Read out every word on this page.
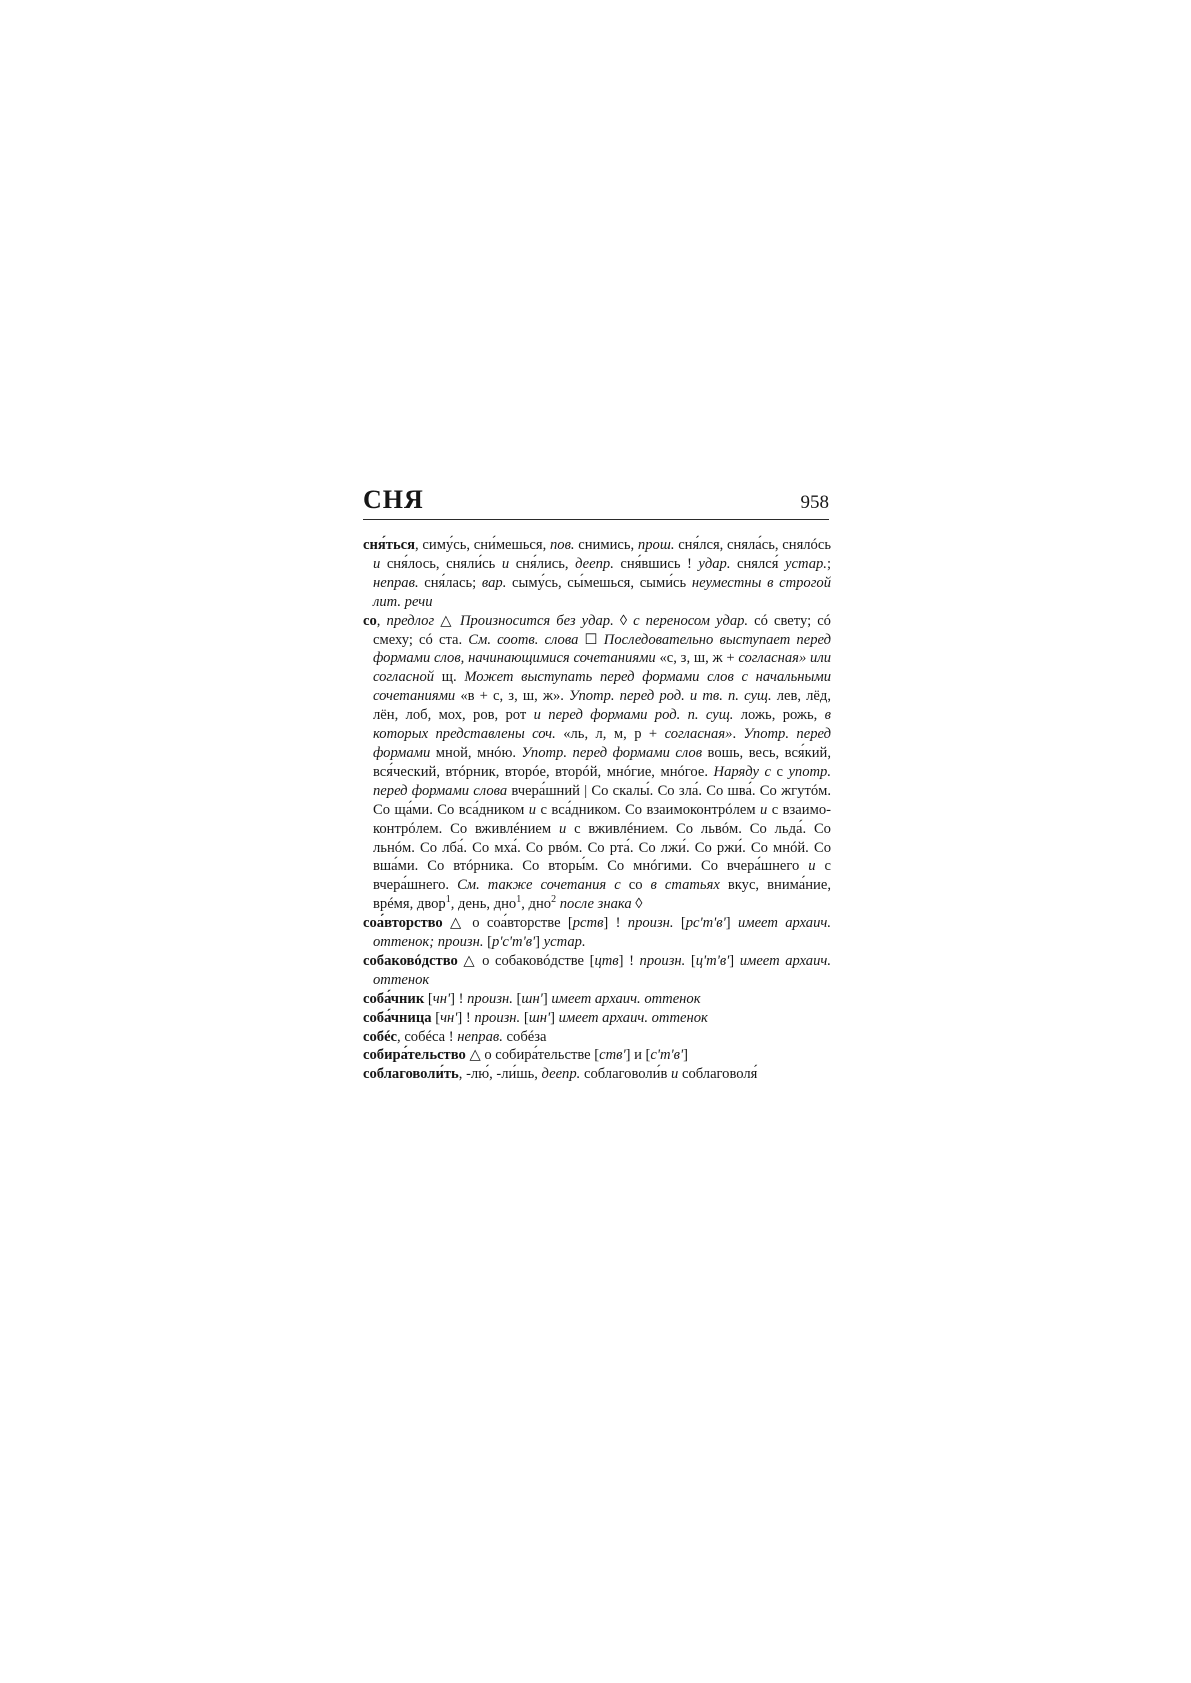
СНЯ	958

сня́ться, симу́сь, сни́мешься, пов. снимись, прош. сня́лся, сняла́сь, снялóсь и сня́лось, сняли́сь и сня́лись, деепр. сня́вшись ! удар. снялся́ устар.; неправ. сня́лась; вар. сыму́сь, сы́мешься, сыми́сь неуместны в строгой лит. речи

со, предлог △ Произносится без удар. ◊ с переносом удар. сó свету; сó смеху; сó ста. См. соотв. слова ☐ Последовательно выступает перед формами слов, начинающимися сочетаниями «с, з, ш, ж + согласная» или согласной щ. Может выступать перед формами слов с начальными сочетаниями «в + с, з, ш, ж». Употр. перед род. и тв. п. сущ. лев, лёд, лён, лоб, мох, ров, рот и перед формами род. п. сущ. ложь, рожь, в которых представлены соч. «ль, л, м, р + согласная». Употр. перед формами мной, мнóю. Употр. перед формами слов вошь, весь, вся́кий, вся́ческий, втóрник, вторóе, вторóй, мнóгие, мнóгое. Наряду с с употр. перед формами слова вчера́шний | Со скалы́. Со зла́. Со шва́. Со жгутóм. Со ща́ми. Со вса́дником и с вса́дником. Со взаимоконтрóлем и с взаимоконтрóлем. Со вживлéнием и с вживлéнием. Со львóм. Со льда́. Со льнóм. Со лба́. Со мха́. Со рвóм. Со рта́. Со лжи́. Со ржи́. Со мнóй. Со вша́ми. Со втóрника. Со вторы́м. Со мнóгими. Со вчера́шнего и с вчера́шнего. См. также сочетания с со в статьях вкус, внима́ние, врéмя, двор$^1$, день, дно$^1$, дно$^2$ после знака ◊

соа́вторство △ о соа́вторстве [рств] ! произн. [рс'т'в'] имеет архаич. оттенок; произн. [р'с'т'в'] устар.

собаковóдство △ о собаковóдстве [цтв] ! произн. [ц'т'в'] имеет архаич. оттенок

соба́чник [чн'] ! произн. [шн'] имеет архаич. оттенок

соба́чница [чн'] ! произн. [шн'] имеет архаич. оттенок

собéс, собéса ! неправ. собéза

собира́тельство △ о собира́тельстве [ств'] и [с'т'в']

соблаговоли́ть, -лю́, -ли́шь, деепр. соблаговоли́в и соблаговоля́
